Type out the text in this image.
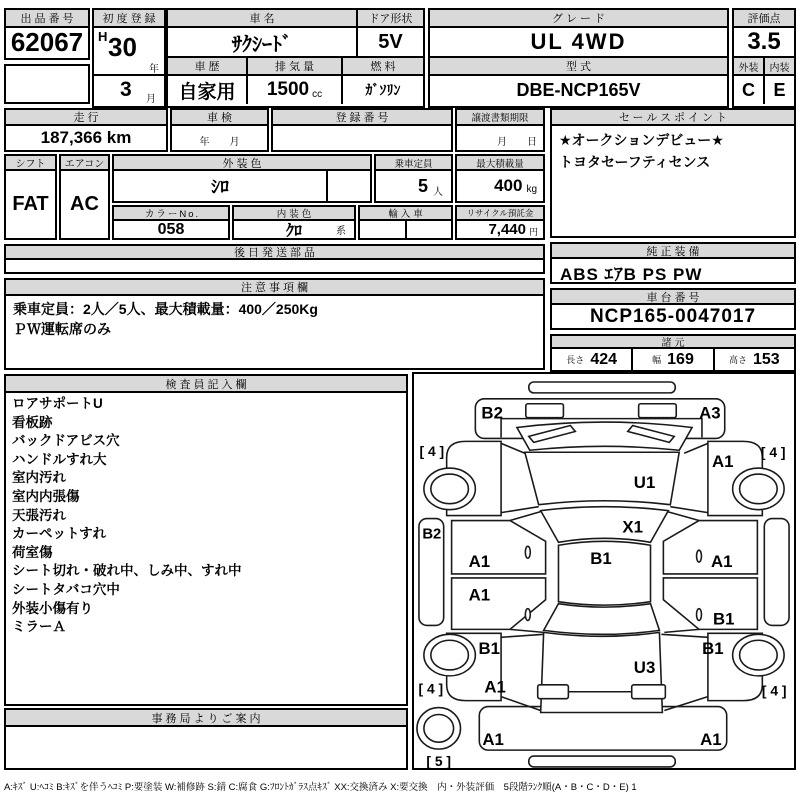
出品番号
62067
初度登録
H 30
年
3 月
車名	ドア形状
ｻｸｼｰﾄﾞ	5V
車歴	排気量	燃料
自家用	1500 cc	ｶﾞｿﾘﾝ
グレード
UL 4WD
型式
DBE-NCP165V
評価点
3.5
外装	内装
C	E
走行
187,366 km
車検
年　　月
登録番号	譲渡書類期限
月　　日
シフト
FAT
エアコン
AC
外装色
ｼﾛ
乗車定員
5 人
最大積載量
400 kg
カラーNo.
058
内装色
ｸﾛ	系
輸入車	リサイクル預託金
7,440 円
後日発送部品
注意事項欄
乗車定員：2人／5人、最大積載量：400／250Kg
ＰＷ運転席のみ
セールスポイント
★オークションデビュー★
トヨタセーフティセンス
純正装備
ABS ｴｱB PS PW
車台番号
NCP165-0047017
諸元
長さ 424	幅 169	高さ 153
検査員記入欄
ロアサポートU
看板跡
バックドアビス穴
ハンドルすれ大
室内汚れ
室内内張傷
天張汚れ
カーペットすれ
荷室傷
シート切れ・破れ中、しみ中、すれ中
シートタバコ穴中
外装小傷有り
ミラーＡ
事務局よりご案内
B2	A3
A1
U1
X1
B1
A1	A1
A1
B1
B1	B1
A1
U3
A1	A1
B2
[ 4 ]	[ 4 ]
[ 4 ]	[ 4 ]
[ 5 ]
A:ｷｽﾞ U:ﾍｺﾐ B:ｷｽﾞを伴うﾍｺﾐ P:要塗装 W:補修跡 S:錆 C:腐食 G:ﾌﾛﾝﾄｶﾞﾗｽ点ｷｽﾞ XX:交換済み X:要交換　内・外装評価　5段階ﾗﾝｸ順(A・B・C・D・E) 1
